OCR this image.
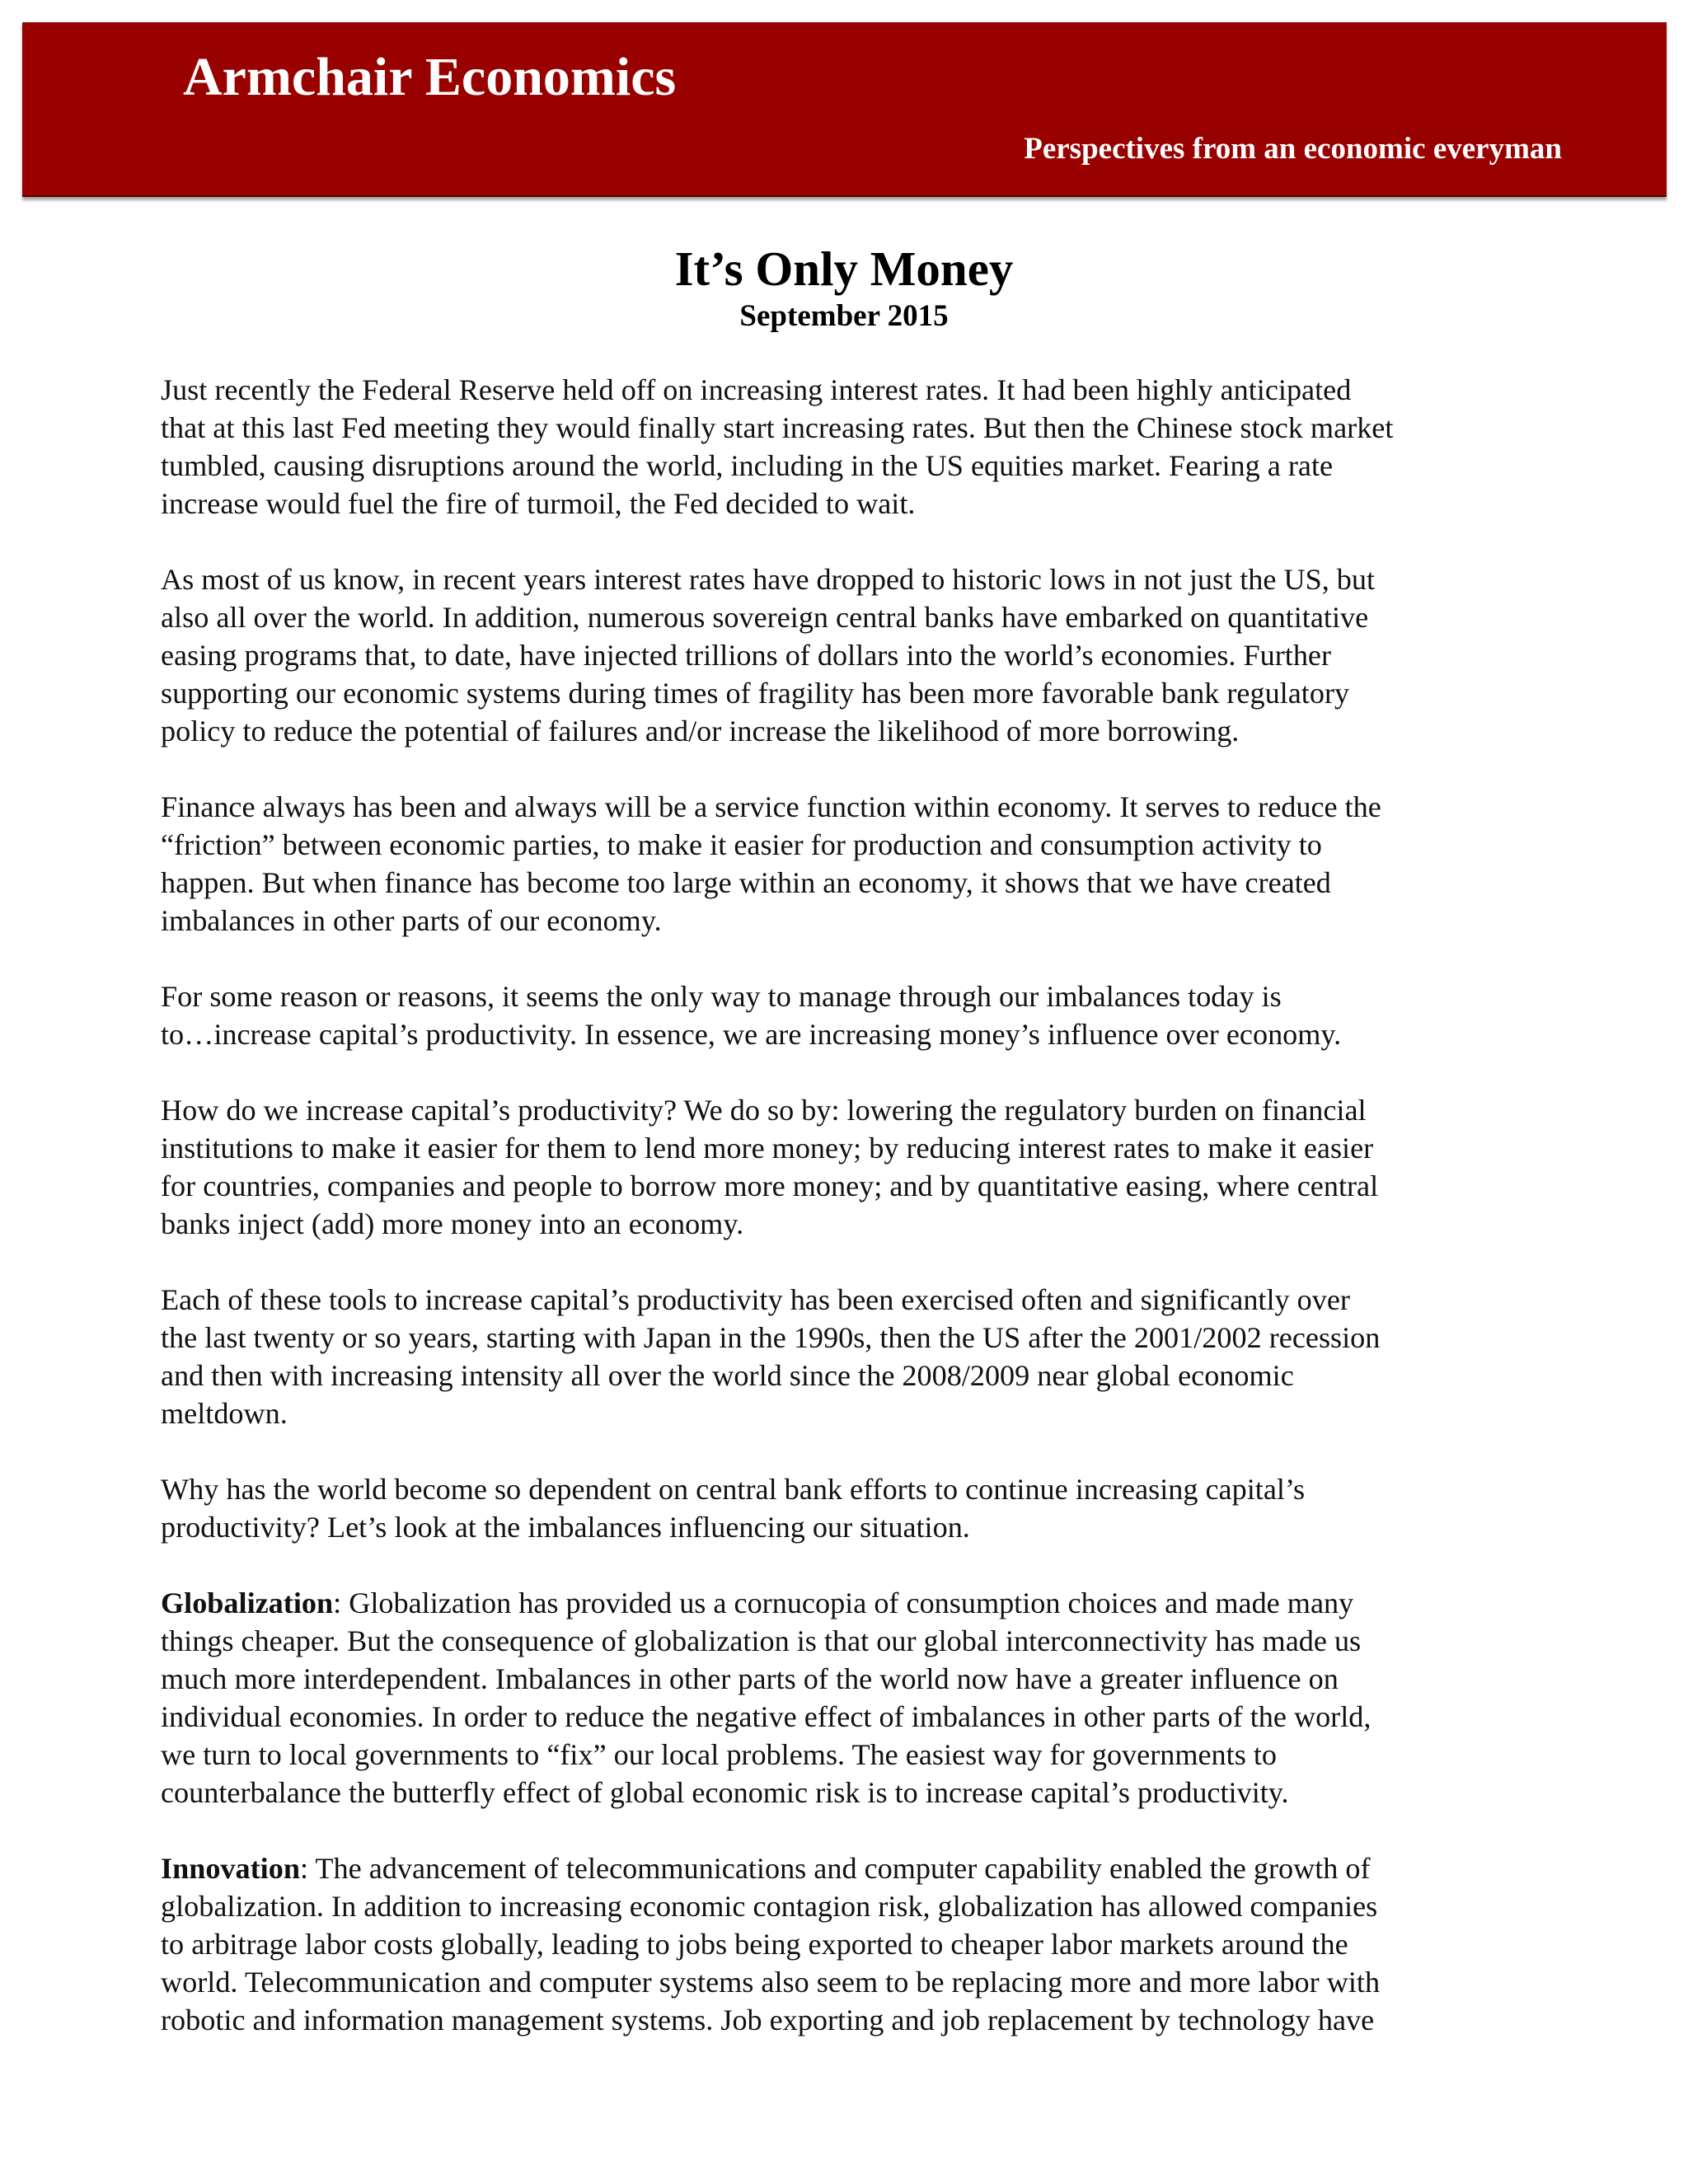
Armchair Economics

Perspectives from an economic everyman

It’s Only Money

September 2015

Just recently the Federal Reserve held off on increasing interest rates. It had been highly anticipated
that at this last Fed meeting they would finally start increasing rates. But then the Chinese stock market
tumbled, causing disruptions around the world, including in the US equities market. Fearing a rate
increase would fuel the fire of turmoil, the Fed decided to wait.

As most of us know, in recent years interest rates have dropped to historic lows in not just the US, but
also all over the world. In addition, numerous sovereign central banks have embarked on quantitative
easing programs that, to date, have injected trillions of dollars into the world’s economies. Further
supporting our economic systems during times of fragility has been more favorable bank regulatory
policy to reduce the potential of failures and/or increase the likelihood of more borrowing.

Finance always has been and always will be a service function within economy. It serves to reduce the
“friction” between economic parties, to make it easier for production and consumption activity to
happen. But when finance has become too large within an economy, it shows that we have created
imbalances in other parts of our economy.

For some reason or reasons, it seems the only way to manage through our imbalances today is
to…increase capital’s productivity. In essence, we are increasing money’s influence over economy.

How do we increase capital’s productivity? We do so by: lowering the regulatory burden on financial
institutions to make it easier for them to lend more money; by reducing interest rates to make it easier
for countries, companies and people to borrow more money; and by quantitative easing, where central
banks inject (add) more money into an economy.

Each of these tools to increase capital’s productivity has been exercised often and significantly over
the last twenty or so years, starting with Japan in the 1990s, then the US after the 2001/2002 recession
and then with increasing intensity all over the world since the 2008/2009 near global economic
meltdown.

Why has the world become so dependent on central bank efforts to continue increasing capital’s
productivity? Let’s look at the imbalances influencing our situation.

Globalization: Globalization has provided us a cornucopia of consumption choices and made many
things cheaper. But the consequence of globalization is that our global interconnectivity has made us
much more interdependent. Imbalances in other parts of the world now have a greater influence on
individual economies. In order to reduce the negative effect of imbalances in other parts of the world,
we turn to local governments to “fix” our local problems. The easiest way for governments to
counterbalance the butterfly effect of global economic risk is to increase capital’s productivity.

Innovation: The advancement of telecommunications and computer capability enabled the growth of
globalization. In addition to increasing economic contagion risk, globalization has allowed companies
to arbitrage labor costs globally, leading to jobs being exported to cheaper labor markets around the
world. Telecommunication and computer systems also seem to be replacing more and more labor with
robotic and information management systems. Job exporting and job replacement by technology have
